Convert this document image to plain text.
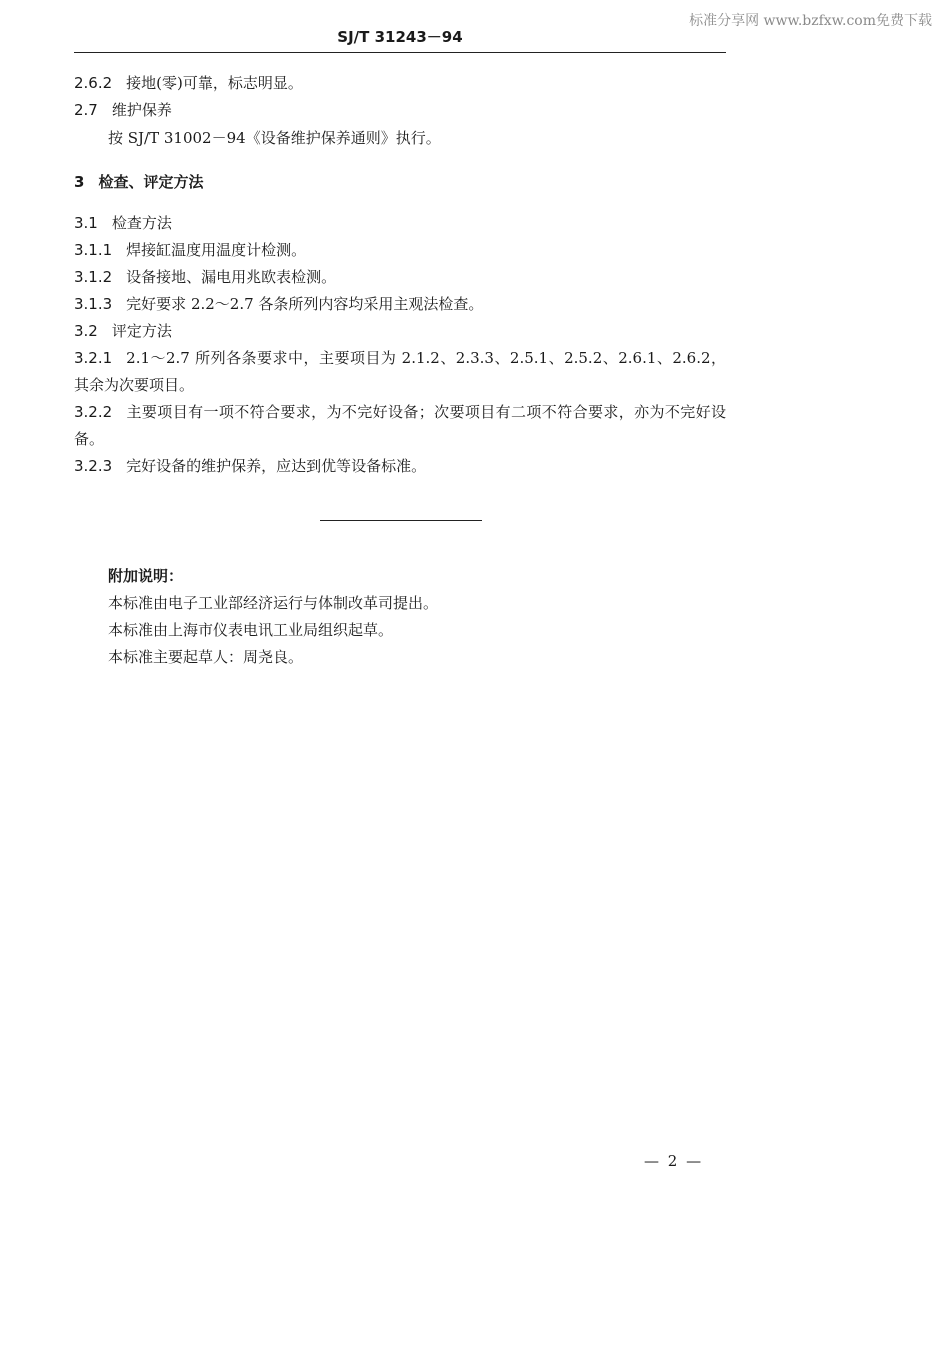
标准分享网 www.bzfxw.com免费下载
SJ/T 31243－94
2.6.2 接地(零)可靠，标志明显。
2.7 维护保养
按 SJ/T 31002－94《设备维护保养通则》执行。
3 检查、评定方法
3.1 检查方法
3.1.1 焊接缸温度用温度计检测。
3.1.2 设备接地、漏电用兆欧表检测。
3.1.3 完好要求 2.2～2.7 各条所列内容均采用主观法检查。
3.2 评定方法
3.2.1 2.1～2.7 所列各条要求中，主要项目为 2.1.2、2.3.3、2.5.1、2.5.2、2.6.1、2.6.2，其余为次要项目。
3.2.2 主要项目有一项不符合要求，为不完好设备；次要项目有二项不符合要求，亦为不完好设备。
3.2.3 完好设备的维护保养，应达到优等设备标准。
附加说明：
本标准由电子工业部经济运行与体制改革司提出。
本标准由上海市仪表电讯工业局组织起草。
本标准主要起草人：周尧良。
— 2 —
